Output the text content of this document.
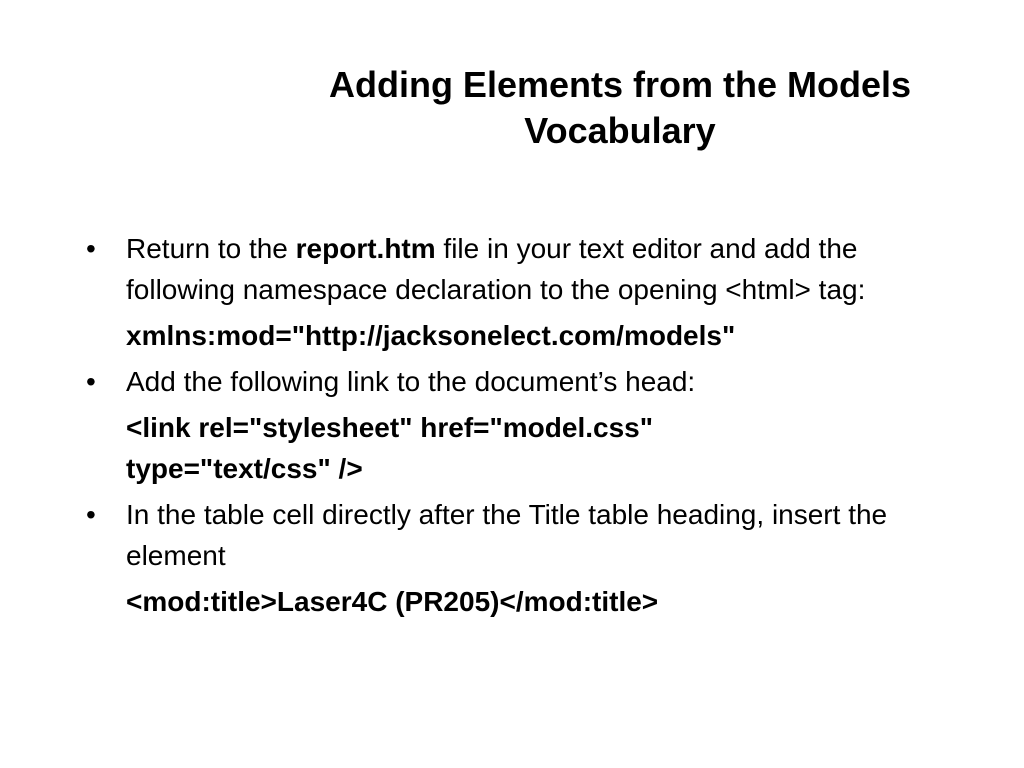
Adding Elements from the Models
Vocabulary
• Return to the report.htm file in your text editor and add the following namespace declaration to the opening <html> tag:
xmlns:mod="http://jacksonelect.com/models"
• Add the following link to the document’s head:
<link rel="stylesheet" href="model.css"
type="text/css" />
• In the table cell directly after the Title table heading, insert the element
<mod:title>Laser4C (PR205)</mod:title>
